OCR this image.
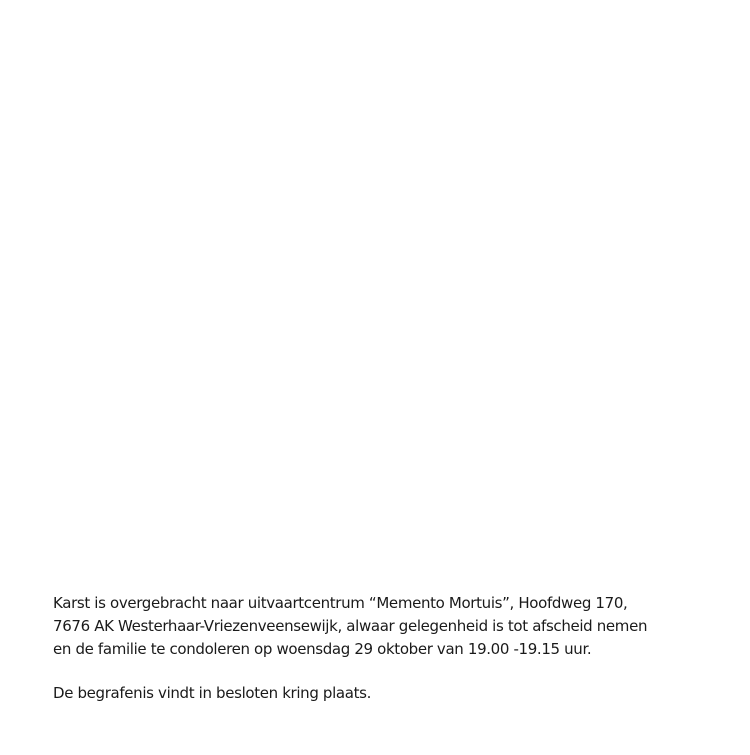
Karst is overgebracht naar uitvaartcentrum “Memento Mortuis”, Hoofdweg 170,
7676 AK Westerhaar-Vriezenveensewijk, alwaar gelegenheid is tot afscheid nemen
en de familie te condoleren op woensdag 29 oktober van 19.00 -19.15 uur.
De begrafenis vindt in besloten kring plaats.
